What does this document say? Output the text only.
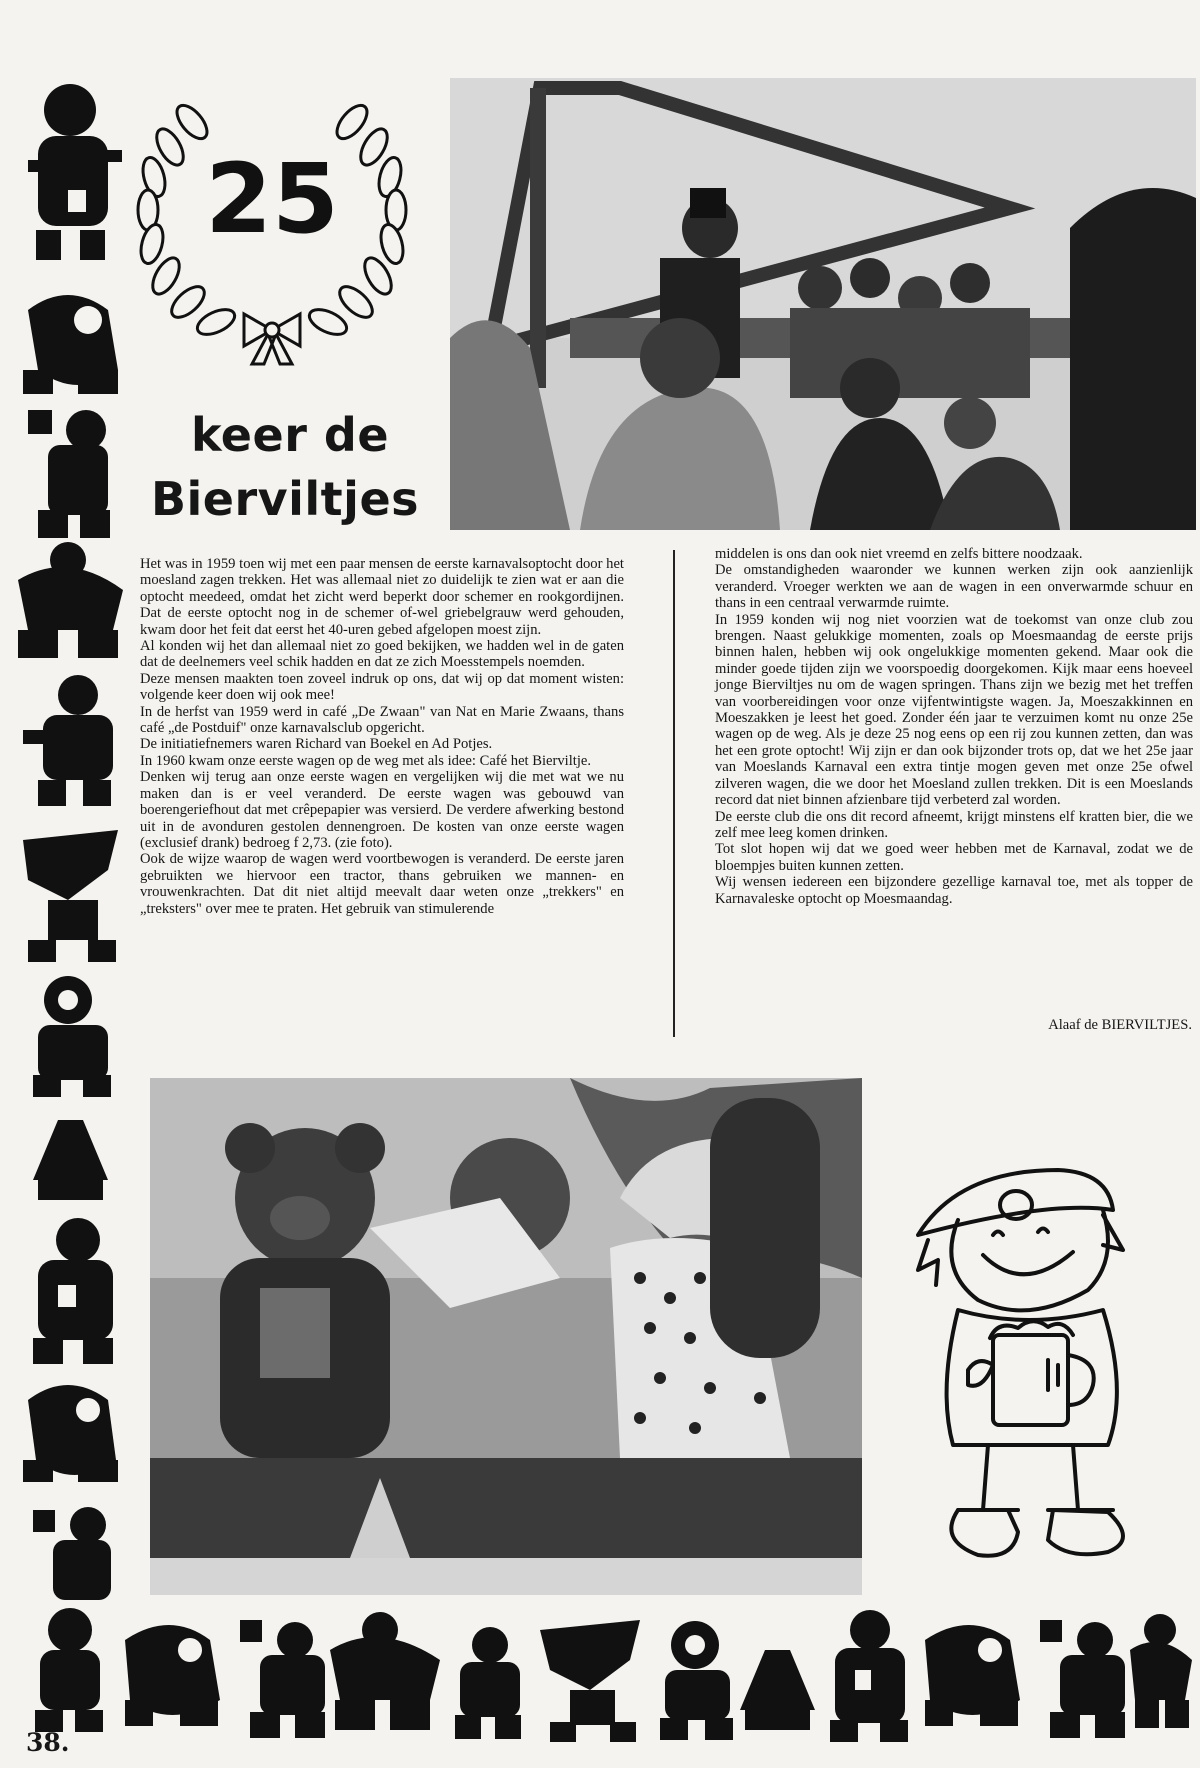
25
keer de
Bierviltjes

Het was in 1959 toen wij met een paar mensen de eerste karnavalsoptocht door het moesland zagen trekken. Het was allemaal niet zo duidelijk te zien wat er aan die optocht meedeed, omdat het zicht werd beperkt door schemer en rookgordijnen. Dat de eerste optocht nog in de schemer of-wel griebelgrauw werd gehouden, kwam door het feit dat eerst het 40-uren gebed afgelopen moest zijn.

Al konden wij het dan allemaal niet zo goed bekijken, we hadden wel in de gaten dat de deelnemers veel schik hadden en dat ze zich Moesstempels noemden.

Deze mensen maakten toen zoveel indruk op ons, dat wij op dat moment wisten: volgende keer doen wij ook mee!

In de herfst van 1959 werd in café „De Zwaan" van Nat en Marie Zwaans, thans café „de Postduif" onze karnavalsclub opgericht.

De initiatiefnemers waren Richard van Boekel en Ad Potjes.

In 1960 kwam onze eerste wagen op de weg met als idee: Café het Bierviltje.

Denken wij terug aan onze eerste wagen en vergelijken wij die met wat we nu maken dan is er veel veranderd. De eerste wagen was gebouwd van boerengeriefhout dat met crêpepapier was versierd. De verdere afwerking bestond uit in de avonduren gestolen dennengroen. De kosten van onze eerste wagen (exclusief drank) bedroeg f 2,73. (zie foto).

Ook de wijze waarop de wagen werd voortbewogen is veranderd. De eerste jaren gebruikten we hiervoor een tractor, thans gebruiken we mannen- en vrouwenkrachten. Dat dit niet altijd meevalt daar weten onze „trekkers" en „treksters" over mee te praten. Het gebruik van stimulerende

middelen is ons dan ook niet vreemd en zelfs bittere noodzaak.

De omstandigheden waaronder we kunnen werken zijn ook aanzienlijk veranderd. Vroeger werkten we aan de wagen in een onverwarmde schuur en thans in een centraal verwarmde ruimte.

In 1959 konden wij nog niet voorzien wat de toekomst van onze club zou brengen. Naast gelukkige momenten, zoals op Moesmaandag de eerste prijs binnen halen, hebben wij ook ongelukkige momenten gekend. Maar ook die minder goede tijden zijn we voorspoedig doorgekomen. Kijk maar eens hoeveel jonge Bierviltjes nu om de wagen springen. Thans zijn we bezig met het treffen van voorbereidingen voor onze vijfentwintigste wagen. Ja, Moeszakkinnen en Moeszakken je leest het goed. Zonder één jaar te verzuimen komt nu onze 25e wagen op de weg. Als je deze 25 nog eens op een rij zou kunnen zetten, dan was het een grote optocht! Wij zijn er dan ook bijzonder trots op, dat we het 25e jaar van Moeslands Karnaval een extra tintje mogen geven met onze 25e ofwel zilveren wagen, die we door het Moesland zullen trekken. Dit is een Moeslands record dat niet binnen afzienbare tijd verbeterd zal worden.

De eerste club die ons dit record afneemt, krijgt minstens elf kratten bier, die we zelf mee leeg komen drinken.

Tot slot hopen wij dat we goed weer hebben met de Karnaval, zodat we de bloempjes buiten kunnen zetten.

Wij wensen iedereen een bijzondere gezellige karnaval toe, met als topper de Karnavaleske optocht op Moesmaandag.

Alaaf de BIERVILTJES.
38.
